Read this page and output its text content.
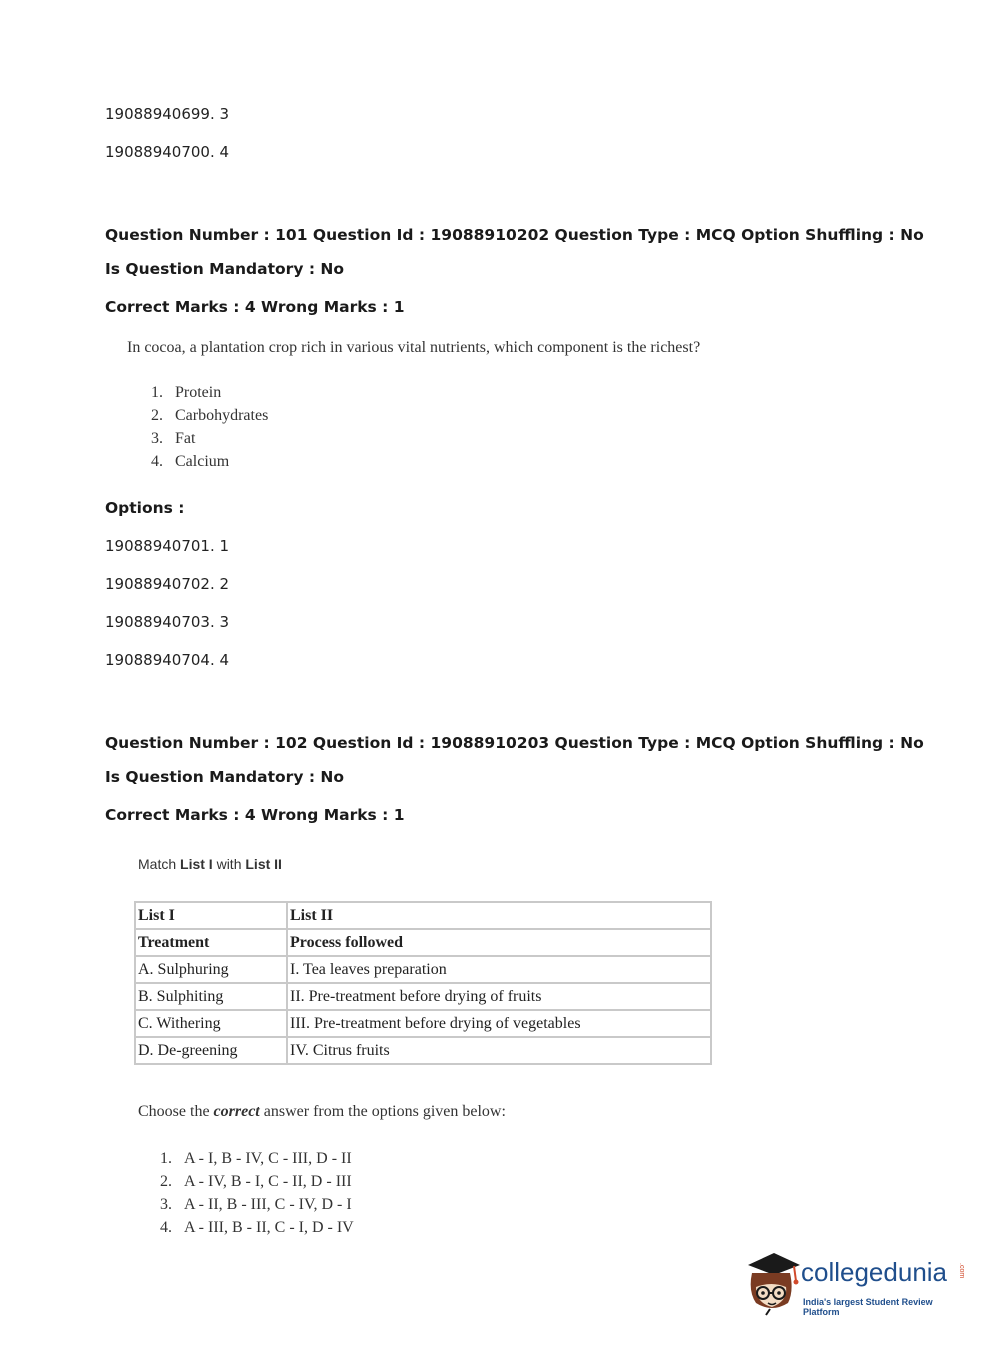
19088940699. 3
19088940700. 4
Question Number : 101 Question Id : 19088910202 Question Type : MCQ Option Shuffling : No
Is Question Mandatory : No
Correct Marks : 4 Wrong Marks : 1
In cocoa, a plantation crop rich in various vital nutrients, which component is the richest?
1. Protein
2. Carbohydrates
3. Fat
4. Calcium
Options :
19088940701. 1
19088940702. 2
19088940703. 3
19088940704. 4
Question Number : 102 Question Id : 19088910203 Question Type : MCQ Option Shuffling : No
Is Question Mandatory : No
Correct Marks : 4 Wrong Marks : 1
Match List I with List II
List I	List II
Treatment	Process followed
A. Sulphuring	I. Tea leaves preparation
B. Sulphiting	II. Pre-treatment before drying of fruits
C. Withering	III. Pre-treatment before drying of vegetables
D. De-greening	IV. Citrus fruits
Choose the correct answer from the options given below:
1. A - I, B - IV, C - III, D - II
2. A - IV, B - I, C - II, D - III
3. A - II, B - III, C - IV, D - I
4. A - III, B - II, C - I, D - IV
collegedunia .com
India's largest Student Review Platform
